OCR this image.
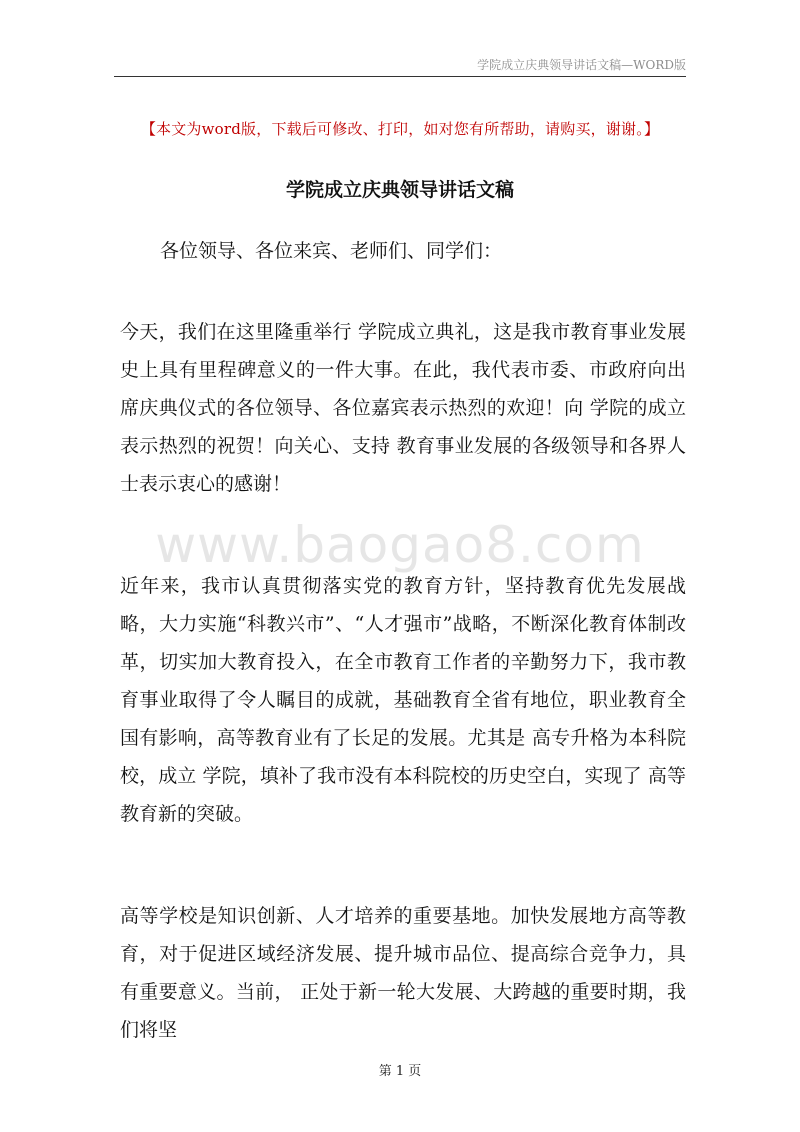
学院成立庆典领导讲话文稿—WORD版
【本文为word版，下载后可修改、打印，如对您有所帮助，请购买，谢谢。】
学院成立庆典领导讲话文稿
各位领导、各位来宾、老师们、同学们：

今天，我们在这里隆重举行 学院成立典礼，这是我市教育事业发展史上具有里程碑意义的一件大事。在此，我代表市委、市政府向出席庆典仪式的各位领导、各位嘉宾表示热烈的欢迎！向 学院的成立表示热烈的祝贺！向关心、支持 教育事业发展的各级领导和各界人士表示衷心的感谢！

www.baogao8.com

近年来，我市认真贯彻落实党的教育方针，坚持教育优先发展战略，大力实施“科教兴市”、“人才强市”战略，不断深化教育体制改革，切实加大教育投入，在全市教育工作者的辛勤努力下，我市教育事业取得了令人瞩目的成就，基础教育全省有地位，职业教育全国有影响，高等教育业有了长足的发展。尤其是 高专升格为本科院校，成立 学院，填补了我市没有本科院校的历史空白，实现了 高等教育新的突破。

高等学校是知识创新、人才培养的重要基地。加快发展地方高等教育，对于促进区域经济发展、提升城市品位、提高综合竞争力，具有重要意义。当前， 正处于新一轮大发展、大跨越的重要时期，我们将坚

第 1 页
